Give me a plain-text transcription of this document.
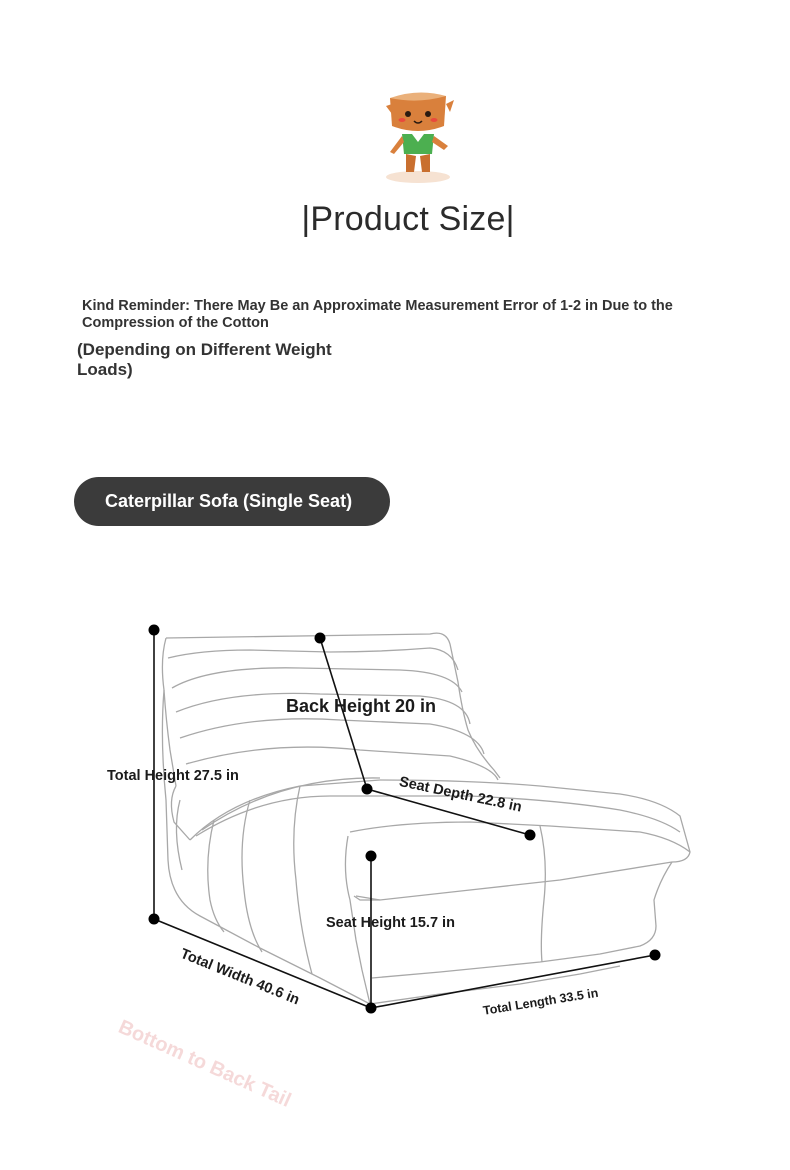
|Product Size|
Kind Reminder: There May Be an Approximate Measurement Error of 1-2 in Due to the Compression of the Cotton
(Depending on Different Weight Loads)
Caterpillar Sofa (Single Seat)
Back Height 20 in
Total Height 27.5 in	Seat Depth 22.8 in
Seat Height 15.7 in
Total Width 40.6 in	Total Length 33.5 in
Bottom to Back Tail
